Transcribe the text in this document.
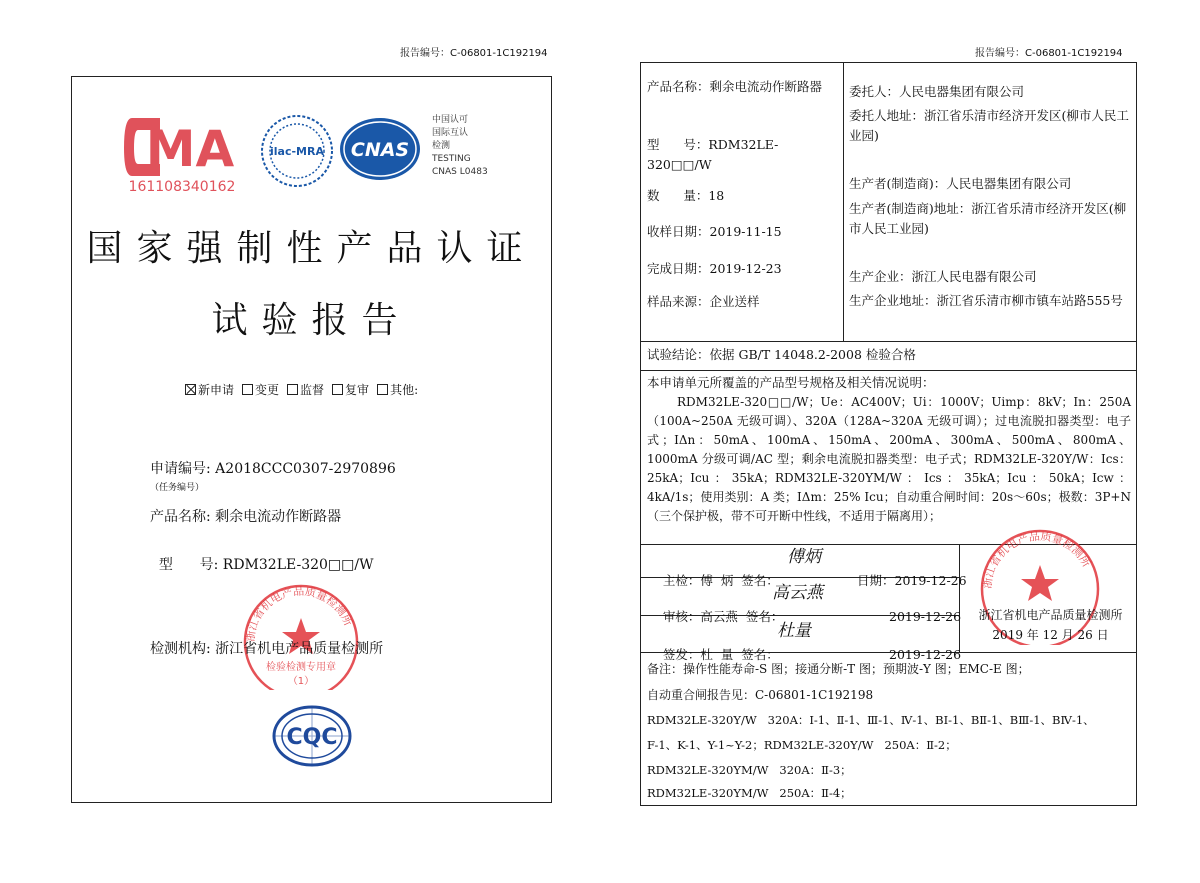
报告编号：C-06801-1C192194
MA
161108340162
ilac-MRA CNAS
中国认可
国际互认
检测
TESTING
CNAS L0483
国家强制性产品认证
试验报告
新申请 变更 监督 复审 其他:
申请编号: A2018CCC0307-2970896
（任务编号）
产品名称: 剩余电流动作断路器

型      号: RDM32LE-320□□/W

浙江省机电产品质量检测所
检验检测专用章
（1）
检测机构: 浙江省机电产品质量检测所
CQC
报告编号：C-06801-1C192194
产品名称：剩余电流动作断路器
型      号：RDM32LE-320□□/W
数      量：18
收样日期：2019-11-15
完成日期：2019-12-23
样品来源：企业送样
委托人：人民电器集团有限公司
委托人地址：浙江省乐清市经济开发区(柳市人民工业园)
生产者(制造商)：人民电器集团有限公司
生产者(制造商)地址：浙江省乐清市经济开发区(柳市人民工业园)
生产企业：浙江人民电器有限公司
生产企业地址：浙江省乐清市柳市镇车站路555号
试验结论：依据 GB/T 14048.2-2008 检验合格
本申请单元所覆盖的产品型号规格及相关情况说明：
RDM32LE-320□□/W；Ue：AC400V；Ui：1000V；Uimp：8kV；In：250A（100A~250A 无级可调）、320A（128A~320A 无级可调）；过电流脱扣器类型：电子式；IΔn：50mA、100mA、150mA、200mA、300mA、500mA、800mA、1000mA 分级可调/AC 型；剩余电流脱扣器类型：电子式；RDM32LE-320Y/W：Ics：25kA；Icu：35kA；RDM32LE-320YM/W：Ics：35kA；Icu：50kA；Icw：4kA/1s；使用类别：A 类；IΔm：25% Icu；自动重合闸时间：20s～60s；极数：3P+N（三个保护极，带不可开断中性线，不适用于隔离用）；

主检：傅  炳  签名：
傅炳
日期：2019-12-26

审核：高云燕  签名：
高云燕
2019-12-26

签发：杜  量  签名：
杜量
2019-12-26

浙江省机电产品质量检测所
浙江省机电产品质量检测所
2019 年 12 月 26 日
备注：操作性能寿命-S 图；接通分断-T 图；预期波-Y 图；EMC-E 图；
自动重合闸报告见：C-06801-1C192198
RDM32LE-320Y/W   320A：Ⅰ-1、Ⅱ-1、Ⅲ-1、Ⅳ-1、BⅠ-1、BⅡ-1、BⅢ-1、BⅣ-1、
F-1、K-1、Y-1~Y-2；RDM32LE-320Y/W   250A：Ⅱ-2；
RDM32LE-320YM/W   320A：Ⅱ-3；
RDM32LE-320YM/W   250A：Ⅱ-4；
